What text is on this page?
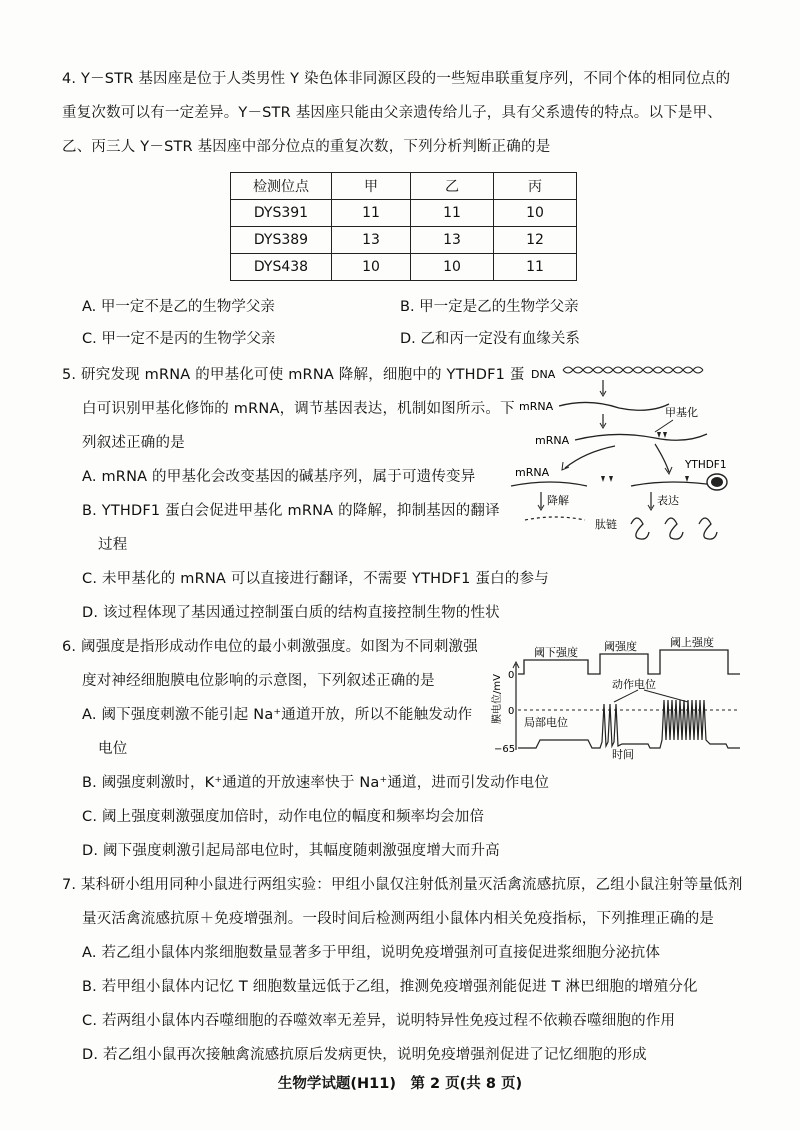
4. Y－STR 基因座是位于人类男性 Y 染色体非同源区段的一些短串联重复序列，不同个体的相同位点的
重复次数可以有一定差异。Y－STR 基因座只能由父亲遗传给儿子，具有父系遗传的特点。以下是甲、
乙、丙三人 Y－STR 基因座中部分位点的重复次数，下列分析判断正确的是
检测位点	甲	乙	丙
DYS391	11	11	10
DYS389	13	13	12
DYS438	10	10	11
A. 甲一定不是乙的生物学父亲	B. 甲一定是乙的生物学父亲
C. 甲一定不是丙的生物学父亲	D. 乙和丙一定没有血缘关系
5. 研究发现 mRNA 的甲基化可使 mRNA 降解，细胞中的 YTHDF1 蛋
白可识别甲基化修饰的 mRNA，调节基因表达，机制如图所示。下
列叙述正确的是
A. mRNA 的甲基化会改变基因的碱基序列，属于可遗传变异
B. YTHDF1 蛋白会促进甲基化 mRNA 的降解，抑制基因的翻译
过程
C. 未甲基化的 mRNA 可以直接进行翻译，不需要 YTHDF1 蛋白的参与
D. 该过程体现了基因通过控制蛋白质的结构直接控制生物的性状
DNA
mRNA	甲基化
mRNA
YTHDF1
mRNA
降解	表达
肽链
6. 阈强度是指形成动作电位的最小刺激强度。如图为不同刺激强
度对神经细胞膜电位影响的示意图，下列叙述正确的是
A. 阈下强度刺激不能引起 Na⁺通道开放，所以不能触发动作
电位
B. 阈强度刺激时，K⁺通道的开放速率快于 Na⁺通道，进而引发动作电位
C. 阈上强度刺激强度加倍时，动作电位的幅度和频率均会加倍
D. 阈下强度刺激引起局部电位时，其幅度随刺激强度增大而升高
0
阈下强度 阈强度	阈上强度
膜电位/mV 0
−65
动作电位
局部电位
时间
7. 某科研小组用同种小鼠进行两组实验：甲组小鼠仅注射低剂量灭活禽流感抗原，乙组小鼠注射等量低剂
量灭活禽流感抗原＋免疫增强剂。一段时间后检测两组小鼠体内相关免疫指标，下列推理正确的是
A. 若乙组小鼠体内浆细胞数量显著多于甲组，说明免疫增强剂可直接促进浆细胞分泌抗体
B. 若甲组小鼠体内记忆 T 细胞数量远低于乙组，推测免疫增强剂能促进 T 淋巴细胞的增殖分化
C. 若两组小鼠体内吞噬细胞的吞噬效率无差异，说明特异性免疫过程不依赖吞噬细胞的作用
D. 若乙组小鼠再次接触禽流感抗原后发病更快，说明免疫增强剂促进了记忆细胞的形成
生物学试题(H11)　第 2 页(共 8 页)
